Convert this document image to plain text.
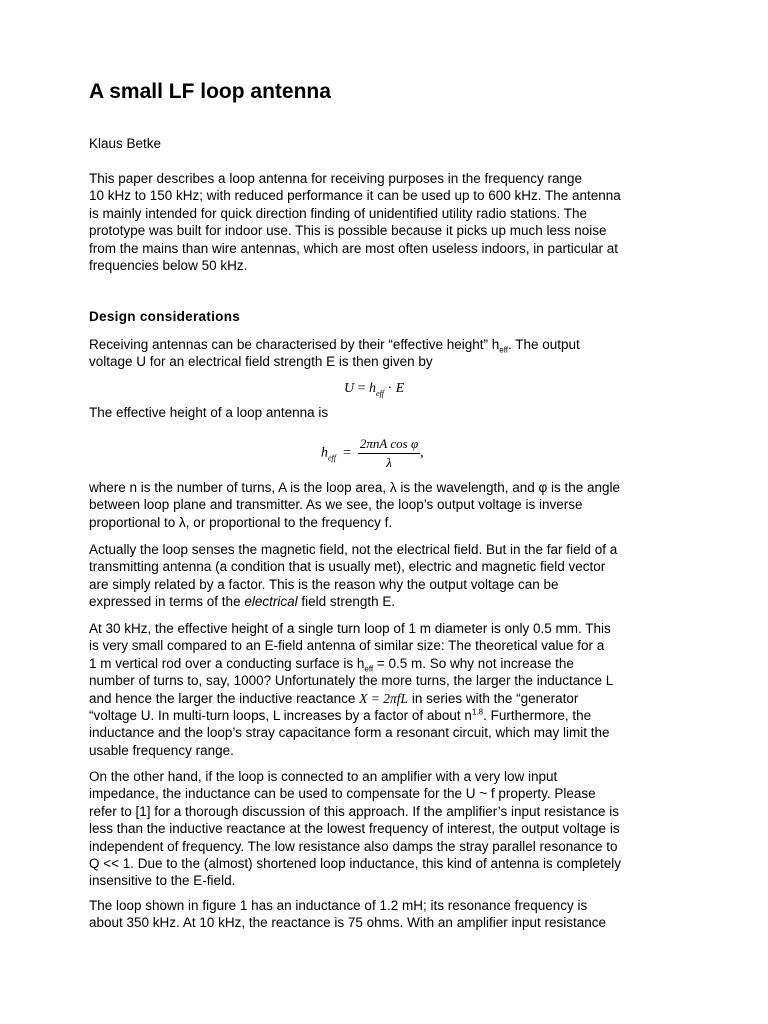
A small LF loop antenna

Klaus Betke

This paper describes a loop antenna for receiving purposes in the frequency range
10 kHz to 150 kHz; with reduced performance it can be used up to 600 kHz. The antenna
is mainly intended for quick direction finding of unidentified utility radio stations. The
prototype was built for indoor use. This is possible because it picks up much less noise
from the mains than wire antennas, which are most often useless indoors, in particular at
frequencies below 50 kHz.

Design considerations

Receiving antennas can be characterised by their “effective height” $h_{eff}$. The output
voltage U for an electrical field strength E is then given by

$U = h_{eff} \cdot E$

The effective height of a loop antenna is

$h_{eff} = \frac{\text{2πnA cos φ}}{\lambda}$ ,

where n is the number of turns, A is the loop area, λ is the wavelength, and φ is the angle
between loop plane and transmitter. As we see, the loop’s output voltage is inverse
proportional to λ, or proportional to the frequency f.

Actually the loop senses the magnetic field, not the electrical field. But in the far field of a
transmitting antenna (a condition that is usually met), electric and magnetic field vector
are simply related by a factor. This is the reason why the output voltage can be
expressed in terms of the electrical field strength E.

At 30 kHz, the effective height of a single turn loop of 1 m diameter is only 0.5 mm. This
is very small compared to an E-field antenna of similar size: The theoretical value for a
1 m vertical rod over a conducting surface is $h_{eff} = 0.5$ m. So why not increase the
number of turns to, say, 1000? Unfortunately the more turns, the larger the inductance L
and hence the larger the inductive reactance X = 2πfL in series with the “generator
“voltage U. In multi-turn loops, L increases by a factor of about $n^{1.8}$. Furthermore, the
inductance and the loop’s stray capacitance form a resonant circuit, which may limit the
usable frequency range.

On the other hand, if the loop is connected to an amplifier with a very low input
impedance, the inductance can be used to compensate for the U ~ f property. Please
refer to [1] for a thorough discussion of this approach. If the amplifier’s input resistance is
less than the inductive reactance at the lowest frequency of interest, the output voltage is
independent of frequency. The low resistance also damps the stray parallel resonance to
Q << 1. Due to the (almost) shortened loop inductance, this kind of antenna is completely
insensitive to the E-field.

The loop shown in figure 1 has an inductance of 1.2 mH; its resonance frequency is
about 350 kHz. At 10 kHz, the reactance is 75 ohms. With an amplifier input resistance
